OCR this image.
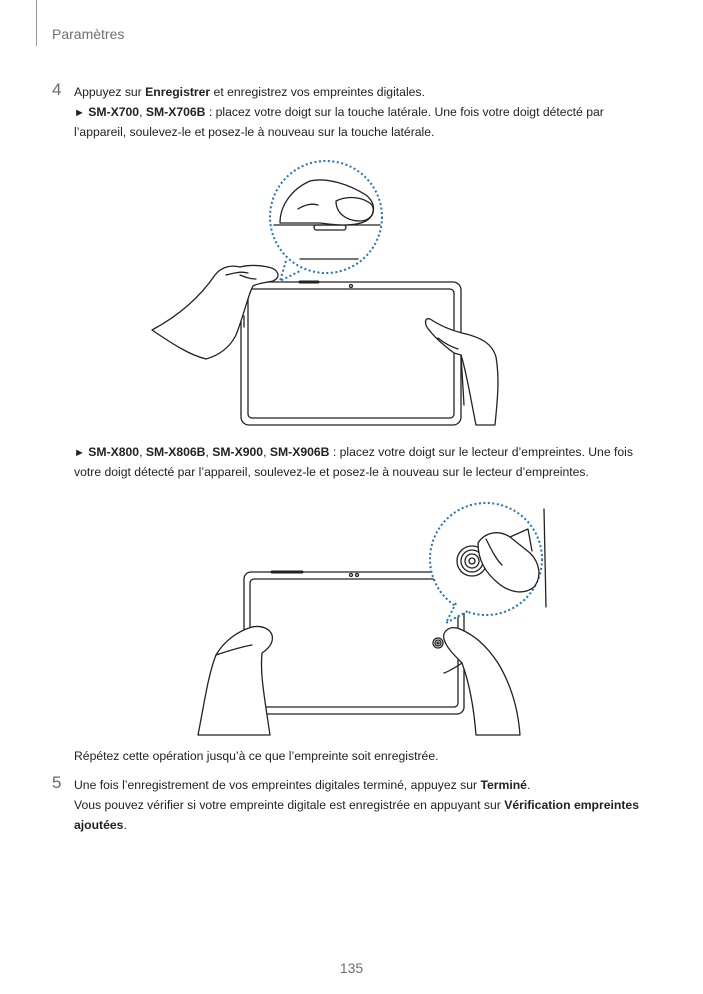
Paramètres
4 Appuyez sur Enregistrer et enregistrez vos empreintes digitales.
► SM-X700, SM-X706B : placez votre doigt sur la touche latérale. Une fois votre doigt détecté par
l’appareil, soulevez-le et posez-le à nouveau sur la touche latérale.
► SM-X800, SM-X806B, SM-X900, SM-X906B : placez votre doigt sur le lecteur d’empreintes. Une fois
votre doigt détecté par l’appareil, soulevez-le et posez-le à nouveau sur le lecteur d’empreintes.
Répétez cette opération jusqu’à ce que l’empreinte soit enregistrée.
5 Une fois l’enregistrement de vos empreintes digitales terminé, appuyez sur Terminé.
Vous pouvez vérifier si votre empreinte digitale est enregistrée en appuyant sur Vérification empreintes
ajoutées.
135
